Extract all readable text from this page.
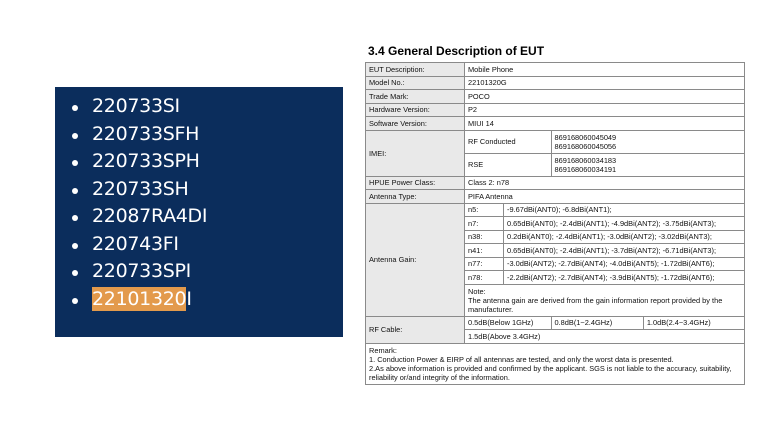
220733SI
220733SFH
220733SPH
220733SH
22087RA4DI
220743FI
220733SPI
22101320I
3.4 General Description of EUT
EUT Description:	Mobile Phone			
Model No.:	22101320G			
Trade Mark:	POCO			
Hardware Version:	P2			
Software Version:	MIUI 14			
IMEI:	RF Conducted		869168060045049
869168060045056	

	RSE		869168060034183
869168060034191	

HPUE Power Class:	Class 2: n78			
Antenna Type:	PIFA Antenna			
Antenna Gain:	n5:	-9.67dBi(ANT0); -6.8dBi(ANT1);		
	n7:	0.65dBi(ANT0); -2.4dBi(ANT1); -4.9dBi(ANT2); -3.75dBi(ANT3);		
	n38:	0.2dBi(ANT0); -2.4dBi(ANT1); -3.0dBi(ANT2); -3.02dBi(ANT3);		
	n41:	0.65dBi(ANT0); -2.4dBi(ANT1); -3.7dBi(ANT2); -6.71dBi(ANT3);		
	n77:	-3.0dBi(ANT2); -2.7dBi(ANT4); -4.0dBi(ANT5); -1.72dBi(ANT6);		
	n78:	-2.2dBi(ANT2); -2.7dBi(ANT4); -3.9dBi(ANT5); -1.72dBi(ANT6);		

	Note:
The antenna gain are derived from the gain information report provided by the manufacturer.			

RF Cable:	0.5dB(Below 1GHz)		0.8dB(1~2.4GHz)	1.0dB(2.4~3.4GHz)
	1.5dB(Above 3.4GHz)			

Remark:
1. Conduction Power & EIRP of all antennas are tested, and only the worst data is presented.
2.As above information is provided and confirmed by the applicant. SGS is not liable to the accuracy, suitability, reliability or/and integrity of the information.				
